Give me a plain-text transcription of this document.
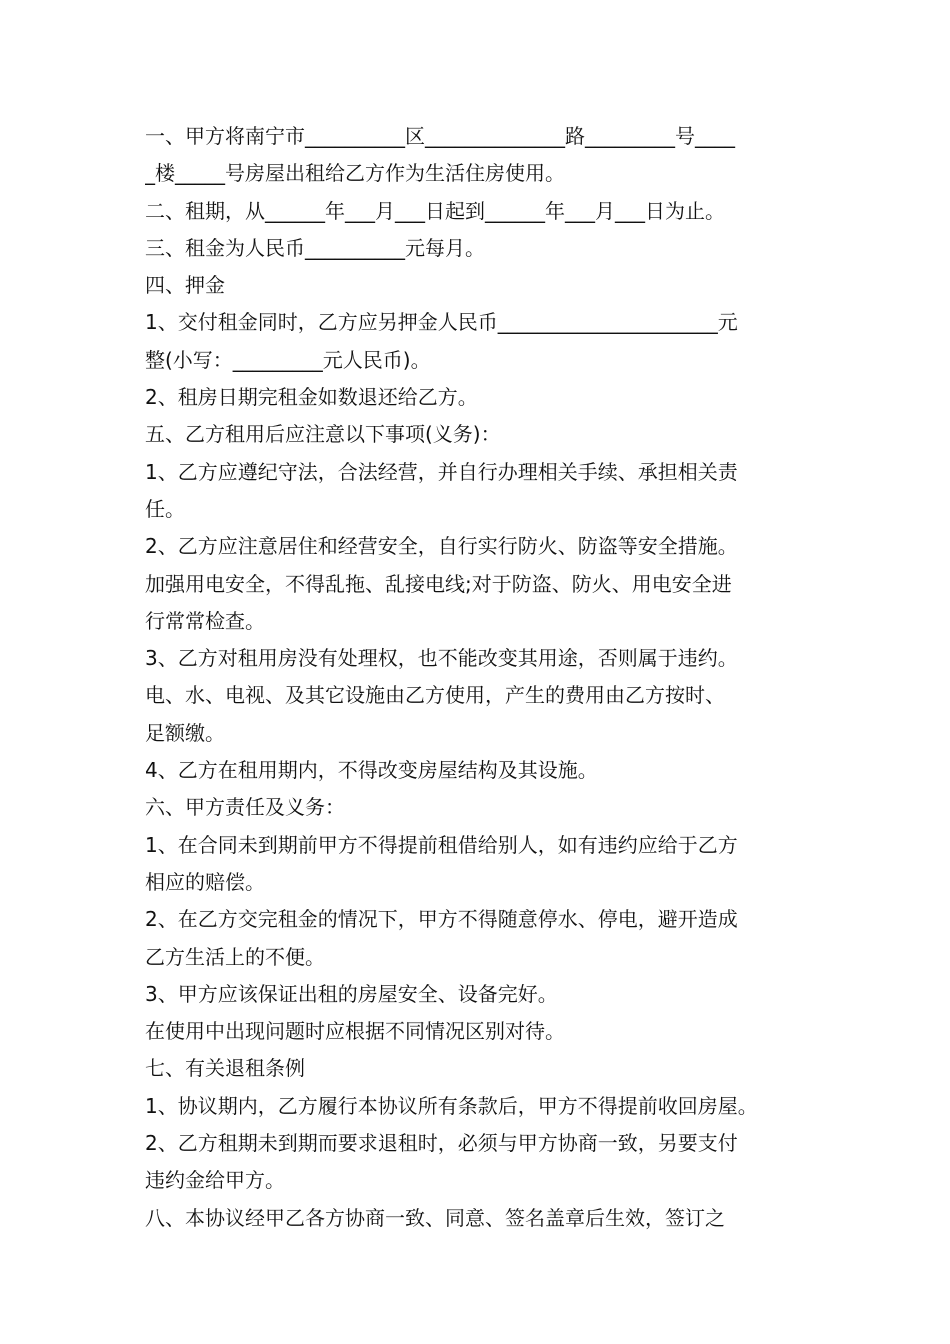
一、甲方将南宁市__________区______________路_________号____
_楼_____号房屋出租给乙方作为生活住房使用。
二、租期，从______年___月___日起到______年___月___日为止。
三、租金为人民币__________元每月。
四、押金
1、交付租金同时，乙方应另押金人民币______________________元
整(小写：_________元人民币)。
2、租房日期完租金如数退还给乙方。
五、乙方租用后应注意以下事项(义务)：
1、乙方应遵纪守法，合法经营，并自行办理相关手续、承担相关责
任。
2、乙方应注意居住和经营安全，自行实行防火、防盗等安全措施。
加强用电安全，不得乱拖、乱接电线;对于防盗、防火、用电安全进
行常常检查。
3、乙方对租用房没有处理权，也不能改变其用途，否则属于违约。
电、水、电视、及其它设施由乙方使用，产生的费用由乙方按时、
足额缴。
4、乙方在租用期内，不得改变房屋结构及其设施。
六、甲方责任及义务：
1、在合同未到期前甲方不得提前租借给别人，如有违约应给于乙方
相应的赔偿。
2、在乙方交完租金的情况下，甲方不得随意停水、停电，避开造成
乙方生活上的不便。
3、甲方应该保证出租的房屋安全、设备完好。
在使用中出现问题时应根据不同情况区别对待。
七、有关退租条例
1、协议期内，乙方履行本协议所有条款后，甲方不得提前收回房屋。
2、乙方租期未到期而要求退租时，必须与甲方协商一致，另要支付
违约金给甲方。
八、本协议经甲乙各方协商一致、同意、签名盖章后生效，签订之
